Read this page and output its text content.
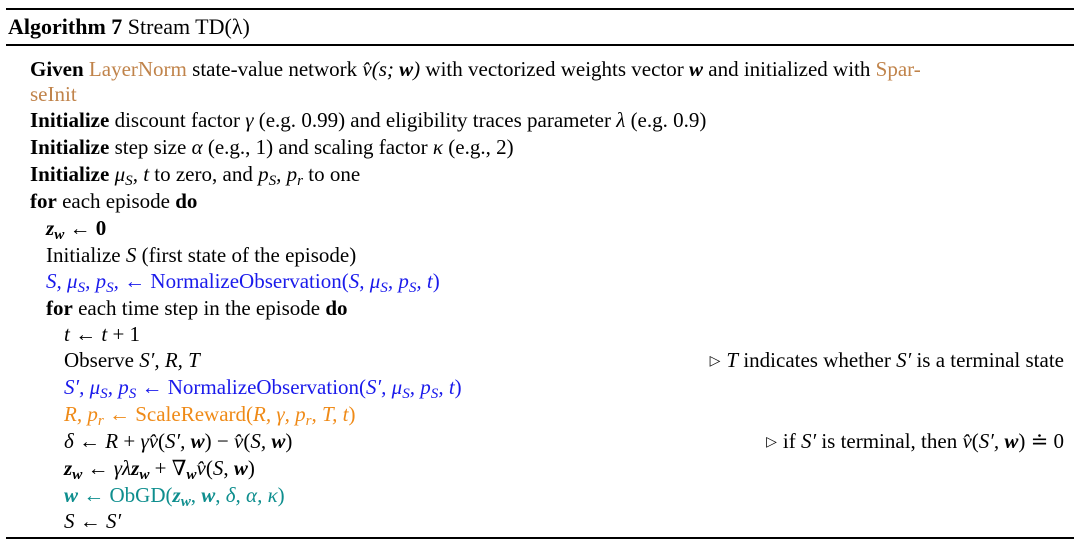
Algorithm 7 Stream TD(λ)
Given LayerNorm state-value network v̂(s; w) with vectorized weights vector w and initialized with Spar-
seInit
Initialize discount factor γ (e.g. 0.99) and eligibility traces parameter λ (e.g. 0.9)
Initialize step size α (e.g., 1) and scaling factor κ (e.g., 2)
Initialize $\mu_S$, t to zero, and $p_S$, $p_r$ to one
for each episode do
$z_w$ ← 0
Initialize S (first state of the episode)
S, $\mu_S$, $p_S$, ← NormalizeObservation(S, $\mu_S$, $p_S$, t)
for each time step in the episode do
t ← t + 1
Observe S′, R, T	▷ T indicates whether S′ is a terminal state
S′, $\mu_S$, $p_S$ ← NormalizeObservation(S′, $\mu_S$, $p_S$, t)
R, $p_r$ ← ScaleReward(R, γ, $p_r$, T, t)
δ ← R + γv̂(S′, w) − v̂(S, w)	▷ if S′ is terminal, then v̂(S′, w) ≐ 0
$z_w$ ← $\gamma\lambda z_w + \nabla_wv̂(S$, w)
w ← $ObGD(z_w$, w, δ, α, κ)
S ← S′
